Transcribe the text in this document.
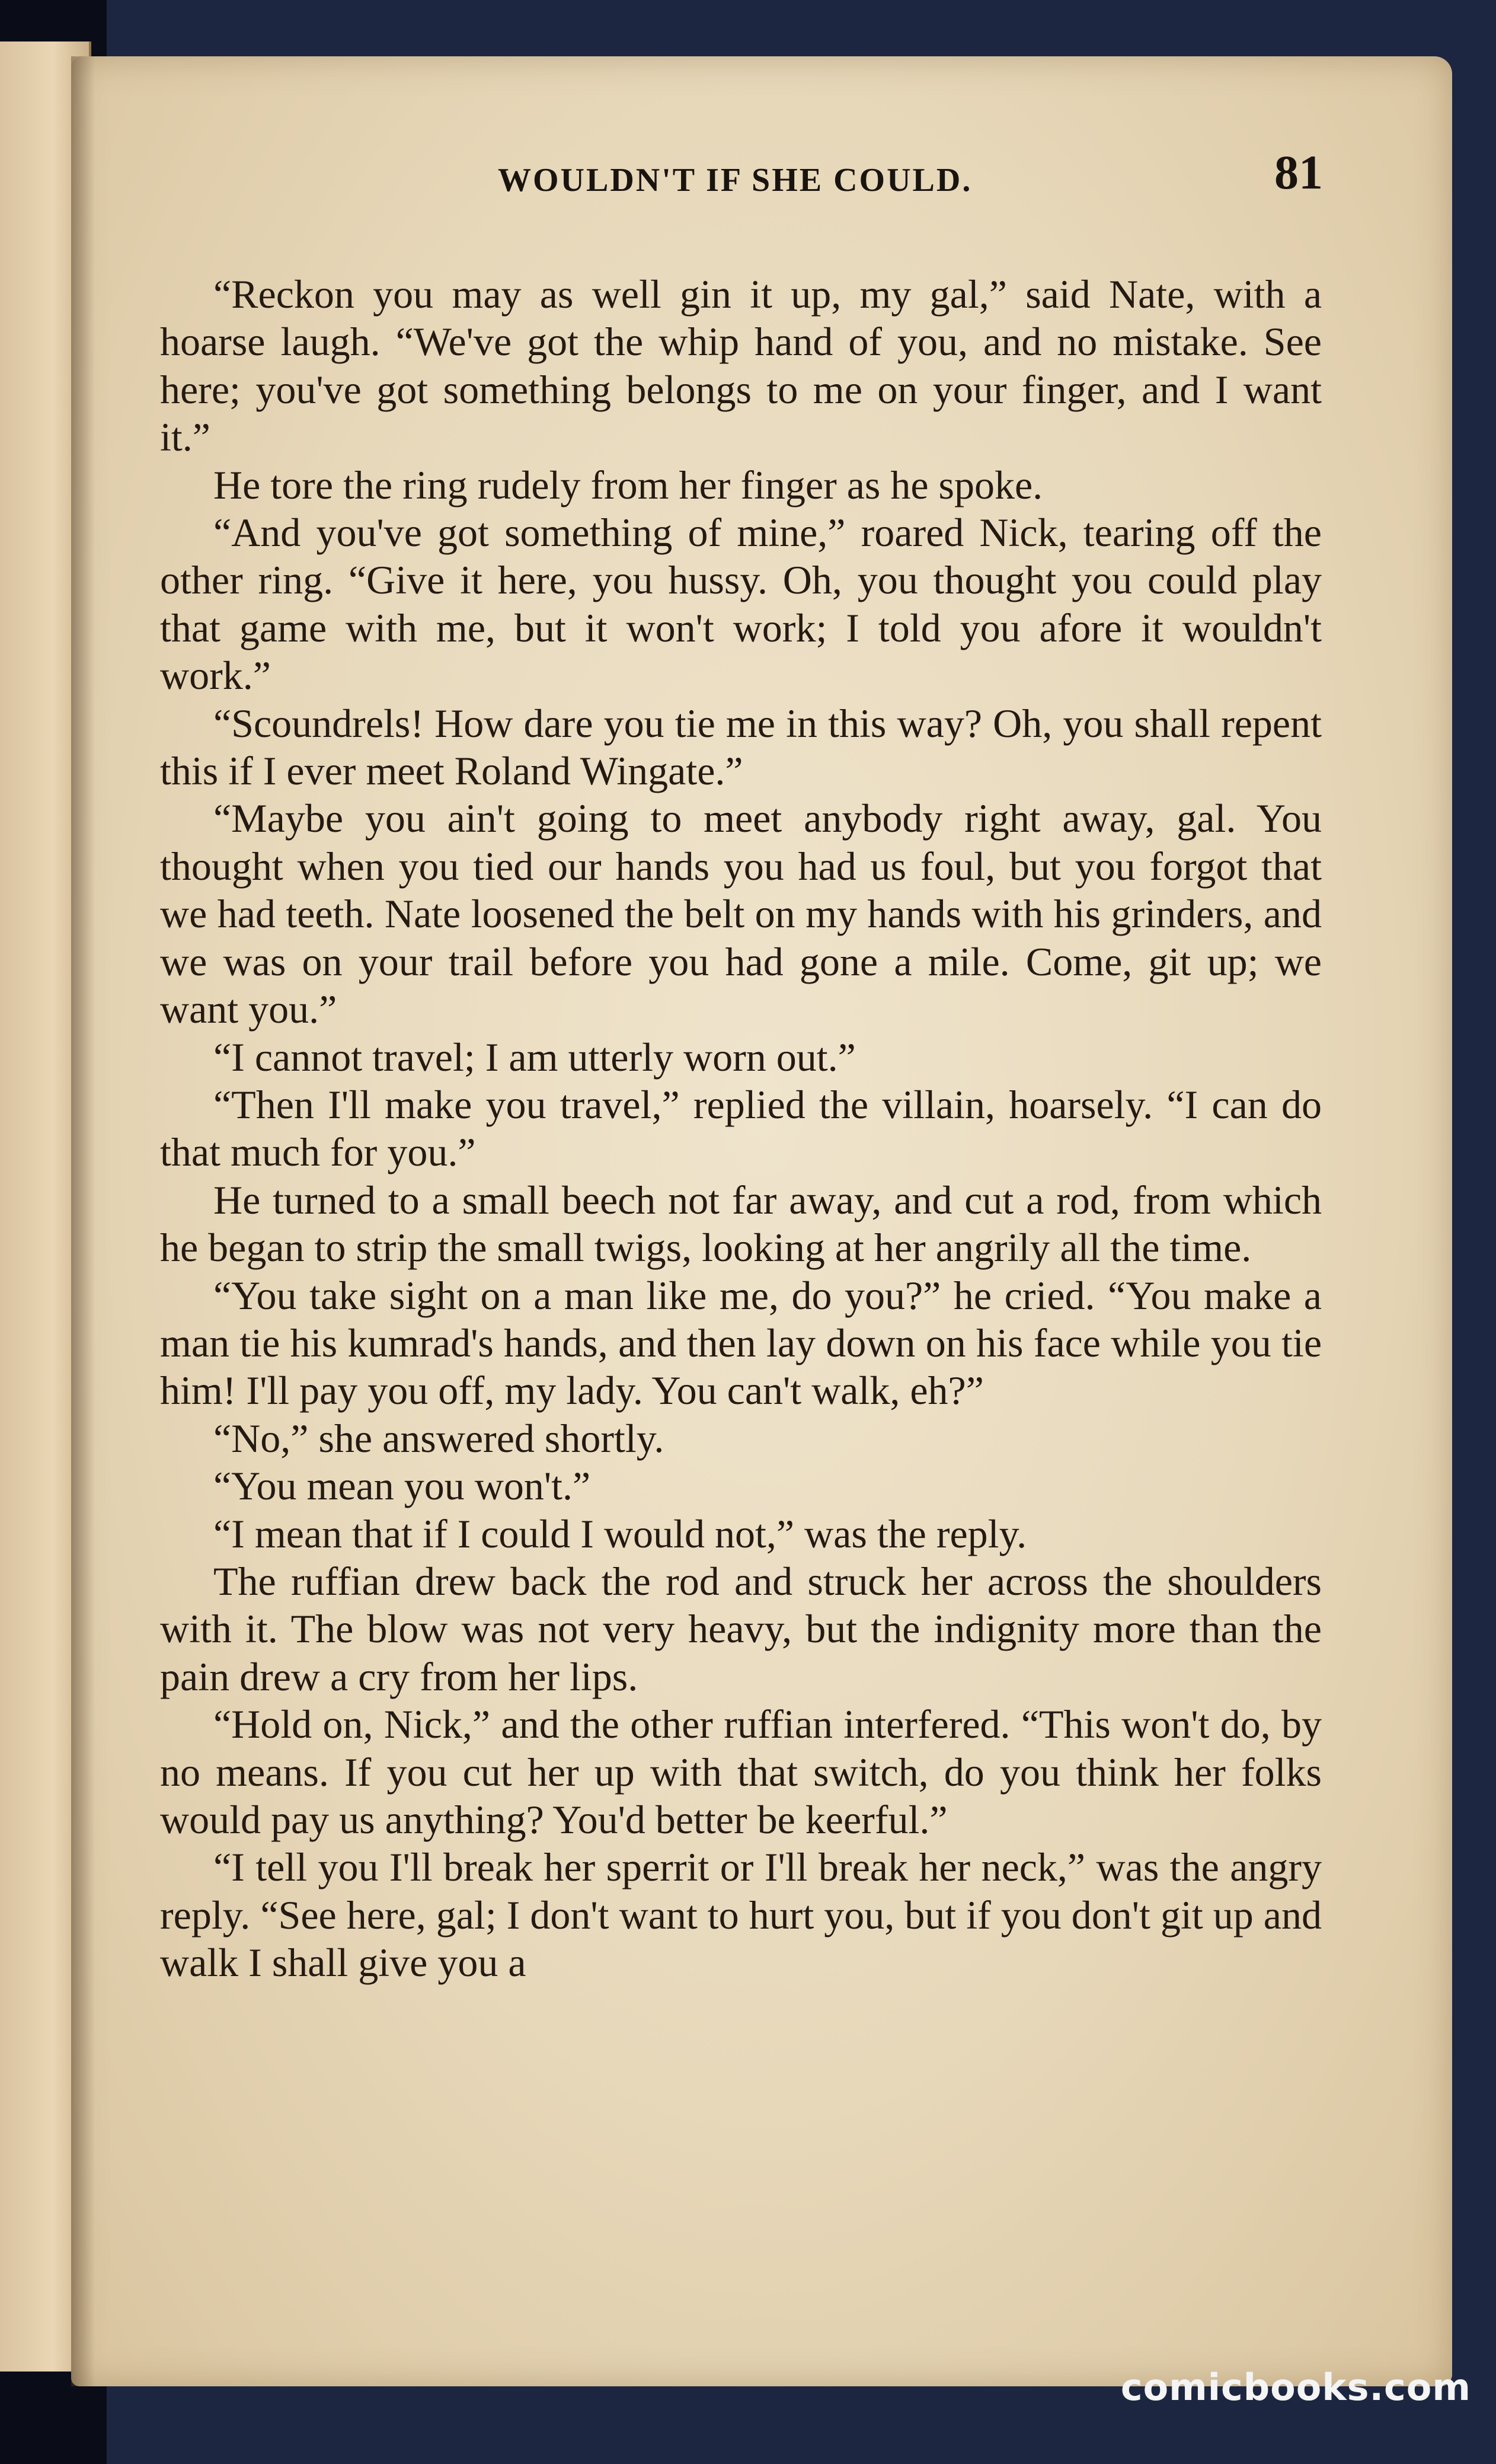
WOULDN'T IF SHE COULD.	81

“Reckon you may as well gin it up, my gal,” said Nate, with a hoarse laugh. “We've got the whip hand of you, and no mistake. See here; you've got something belongs to me on your finger, and I want it.”

He tore the ring rudely from her finger as he spoke.

“And you've got something of mine,” roared Nick, tearing off the other ring. “Give it here, you hussy. Oh, you thought you could play that game with me, but it won't work; I told you afore it wouldn't work.”

“Scoundrels! How dare you tie me in this way? Oh, you shall repent this if I ever meet Roland Wingate.”

“Maybe you ain't going to meet anybody right away, gal. You thought when you tied our hands you had us foul, but you forgot that we had teeth. Nate loosened the belt on my hands with his grinders, and we was on your trail before you had gone a mile. Come, git up; we want you.”

“I cannot travel; I am utterly worn out.”

“Then I'll make you travel,” replied the villain, hoarsely. “I can do that much for you.”

He turned to a small beech not far away, and cut a rod, from which he began to strip the small twigs, looking at her angrily all the time.

“You take sight on a man like me, do you?” he cried. “You make a man tie his kumrad's hands, and then lay down on his face while you tie him! I'll pay you off, my lady. You can't walk, eh?”

“No,” she answered shortly.

“You mean you won't.”

“I mean that if I could I would not,” was the reply.

The ruffian drew back the rod and struck her across the shoulders with it. The blow was not very heavy, but the indignity more than the pain drew a cry from her lips.

“Hold on, Nick,” and the other ruffian interfered. “This won't do, by no means. If you cut her up with that switch, do you think her folks would pay us anything? You'd better be keerful.”

“I tell you I'll break her sperrit or I'll break her neck,” was the angry reply. “See here, gal; I don't want to hurt you, but if you don't git up and walk I shall give you a

comicbooks.com
